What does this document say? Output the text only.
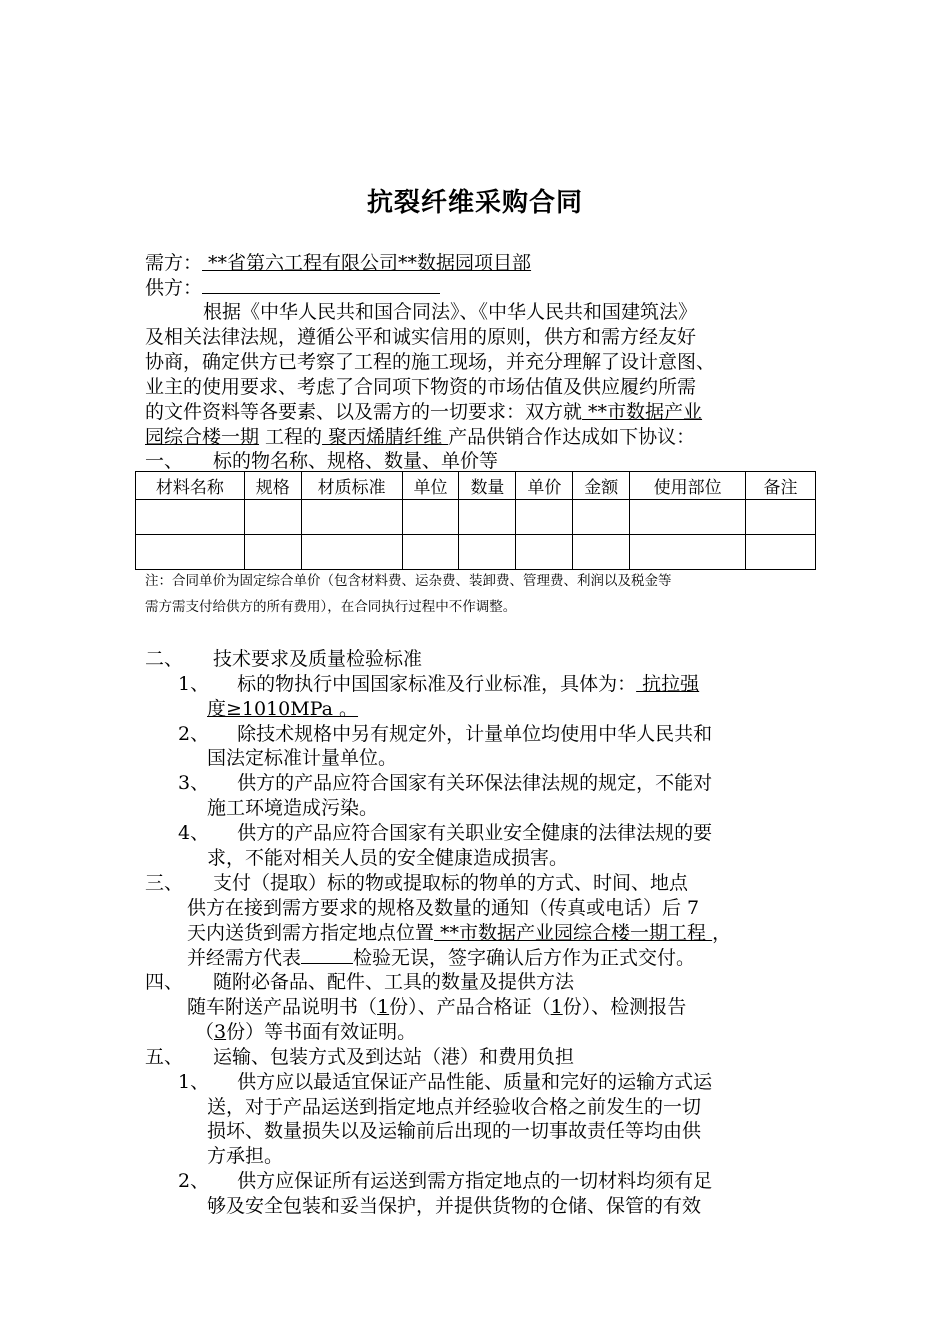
抗裂纤维采购合同
需方： **省第六工程有限公司**数据园项目部
供方：
根据《中华人民共和国合同法》、《中华人民共和国建筑法》
及相关法律法规，遵循公平和诚实信用的原则，供方和需方经友好
协商，确定供方已考察了工程的施工现场，并充分理解了设计意图、
业主的使用要求、考虑了合同项下物资的市场估值及供应履约所需
的文件资料等各要素、以及需方的一切要求：双方就 **市数据产业
园综合楼一期 工程的 聚丙烯腈纤维 产品供销合作达成如下协议：
一、 标的物名称、规格、数量、单价等
材料名称	规格	材质标准	单位	数量	单价	金额	使用部位	备注

注：合同单价为固定综合单价（包含材料费、运杂费、装卸费、管理费、利润以及税金等
需方需支付给供方的所有费用），在合同执行过程中不作调整。
二、 技术要求及质量检验标准
1、 标的物执行中国国家标准及行业标准，具体为： 抗拉强
度≥1010MPa 。
2、 除技术规格中另有规定外，计量单位均使用中华人民共和
国法定标准计量单位。
3、 供方的产品应符合国家有关环保法律法规的规定，不能对
施工环境造成污染。
4、 供方的产品应符合国家有关职业安全健康的法律法规的要
求，不能对相关人员的安全健康造成损害。
三、 支付（提取）标的物或提取标的物单的方式、时间、地点
供方在接到需方要求的规格及数量的通知（传真或电话）后 7
天内送货到需方指定地点位置 **市数据产业园综合楼一期工程 ，
并经需方代表	检验无误，签字确认后方作为正式交付。
四、 随附必备品、配件、工具的数量及提供方法
随车附送产品说明书（1份）、产品合格证（1份）、检测报告
（3份）等书面有效证明。
五、 运输、包装方式及到达站（港）和费用负担
1、 供方应以最适宜保证产品性能、质量和完好的运输方式运
送，对于产品运送到指定地点并经验收合格之前发生的一切
损坏、数量损失以及运输前后出现的一切事故责任等均由供
方承担。
2、 供方应保证所有运送到需方指定地点的一切材料均须有足
够及安全包装和妥当保护，并提供货物的仓储、保管的有效
